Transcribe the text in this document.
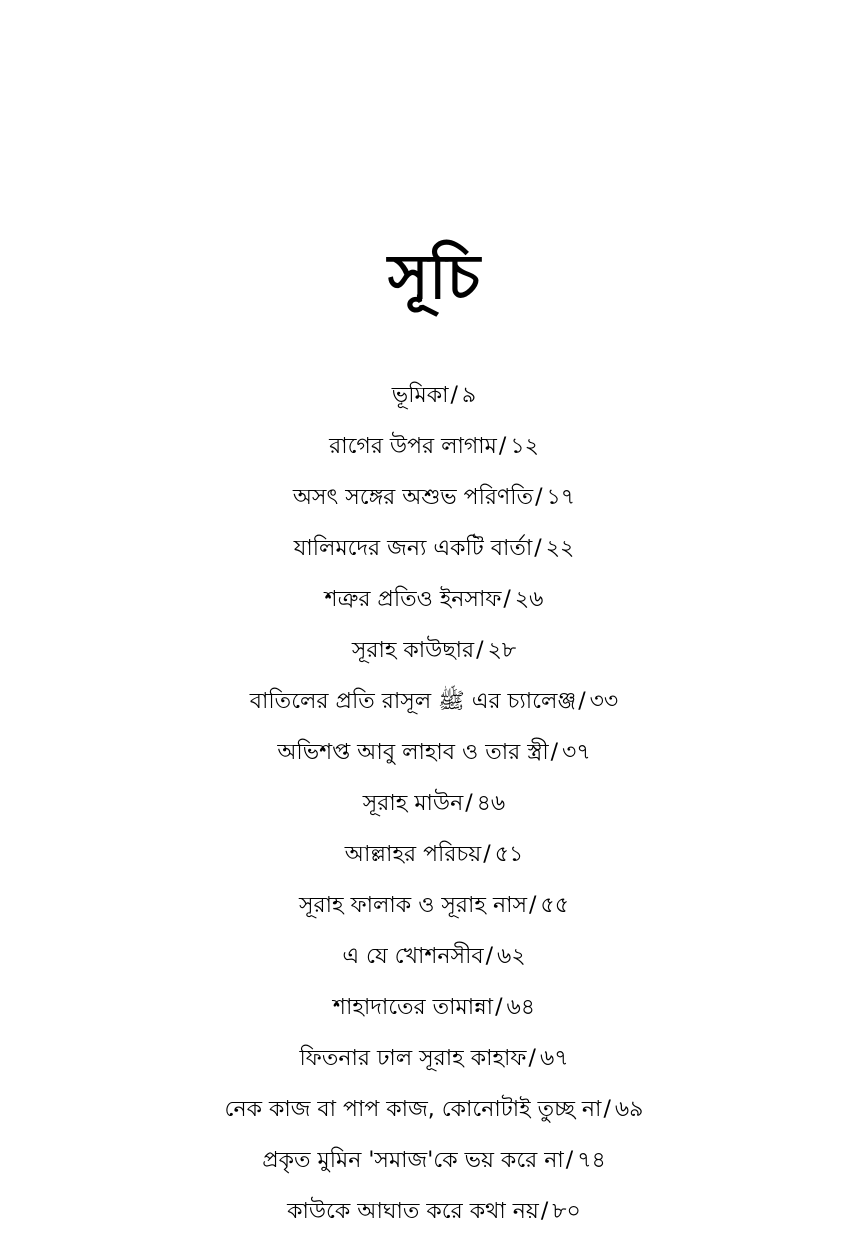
সূচি
ভূমিকা/ ৯
রাগের উপর লাগাম/ ১২
অসৎ সঙ্গের অশুভ পরিণতি/ ১৭
যালিমদের জন্য একটি বার্তা/ ২২
শত্রুর প্রতিও ইনসাফ/ ২৬
সূরাহ কাউছার/ ২৮
বাতিলের প্রতি রাসূল ﷺ এর চ্যালেঞ্জ/ ৩৩
অভিশপ্ত আবু লাহাব ও তার স্ত্রী/ ৩৭
সূরাহ মাউন/ ৪৬
আল্লাহর পরিচয়/ ৫১
সূরাহ ফালাক ও সূরাহ নাস/ ৫৫
এ যে খোশনসীব/ ৬২
শাহাদাতের তামান্না/ ৬৪
ফিতনার ঢাল সূরাহ কাহাফ/ ৬৭
নেক কাজ বা পাপ কাজ, কোনোটাই তুচ্ছ না/ ৬৯
প্রকৃত মুমিন 'সমাজ'কে ভয় করে না/ ৭৪
কাউকে আঘাত করে কথা নয়/ ৮০
